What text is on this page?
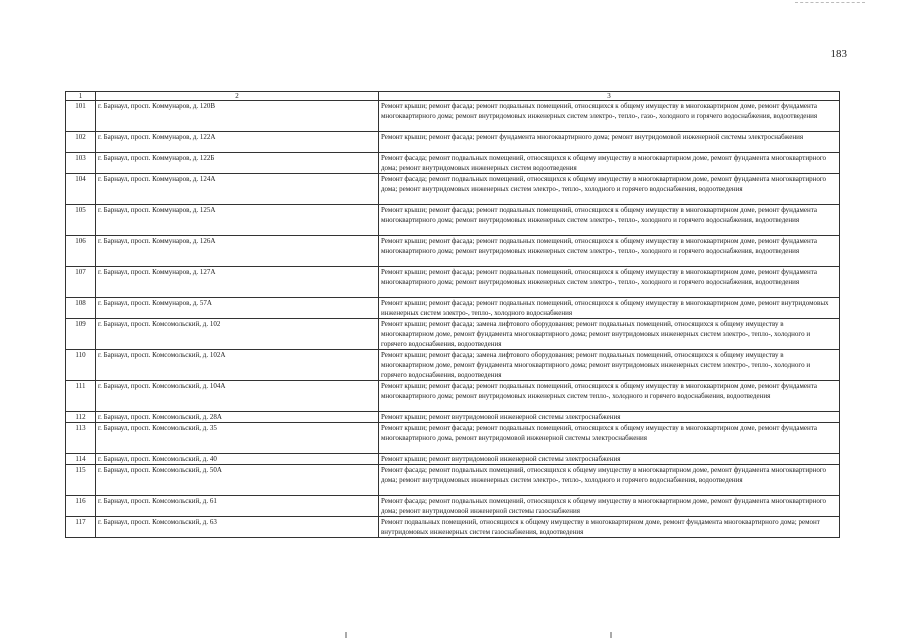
183
1	2	3
101	г. Барнаул, просп. Коммунаров, д. 120В	Ремонт крыши; ремонт фасада; ремонт подвальных помещений, относящихся к общему имуществу в многоквартирном доме, ремонт фундамента многоквартирного дома; ремонт внутридомовых инженерных систем электро-, тепло-, газо-, холодного и горячего водоснабжения, водоотведения
102	г. Барнаул, просп. Коммунаров, д. 122А	Ремонт крыши; ремонт фасада; ремонт фундамента многоквартирного дома; ремонт внутридомовой инженерной системы электроснабжения
103	г. Барнаул, просп. Коммунаров, д. 122Б	Ремонт фасада; ремонт подвальных помещений, относящихся к общему имуществу в многоквартирном доме, ремонт фундамента многоквартирного дома; ремонт внутридомовых инженерных систем водоотведения
104	г. Барнаул, просп. Коммунаров, д. 124А	Ремонт фасада; ремонт подвальных помещений, относящихся к общему имуществу в многоквартирном доме, ремонт фундамента многоквартирного дома; ремонт внутридомовых инженерных систем электро-, тепло-, холодного и горячего водоснабжения, водоотведения
105	г. Барнаул, просп. Коммунаров, д. 125А	Ремонт крыши; ремонт фасада; ремонт подвальных помещений, относящихся к общему имуществу в многоквартирном доме, ремонт фундамента многоквартирного дома; ремонт внутридомовых инженерных систем электро-, тепло-, холодного и горячего водоснабжения, водоотведения
106	г. Барнаул, просп. Коммунаров, д. 126А	Ремонт крыши; ремонт фасада; ремонт подвальных помещений, относящихся к общему имуществу в многоквартирном доме, ремонт фундамента многоквартирного дома; ремонт внутридомовых инженерных систем электро-, тепло-, холодного и горячего водоснабжения, водоотведения
107	г. Барнаул, просп. Коммунаров, д. 127А	Ремонт крыши; ремонт фасада; ремонт подвальных помещений, относящихся к общему имуществу в многоквартирном доме, ремонт фундамента многоквартирного дома; ремонт внутридомовых инженерных систем электро-, тепло-, холодного и горячего водоснабжения, водоотведения
108	г. Барнаул, просп. Коммунаров, д. 57А	Ремонт крыши; ремонт фасада; ремонт подвальных помещений, относящихся к общему имуществу в многоквартирном доме, ремонт внутридомовых инженерных систем электро-, тепло-, холодного водоснабжения
109	г. Барнаул, просп. Комсомольский, д. 102	Ремонт крыши; ремонт фасада; замена лифтового оборудования; ремонт подвальных помещений, относящихся к общему имуществу в многоквартирном доме, ремонт фундамента многоквартирного дома; ремонт внутридомовых инженерных систем электро-, тепло-, холодного и горячего водоснабжения, водоотведения
110	г. Барнаул, просп. Комсомольский, д. 102А	Ремонт крыши; ремонт фасада; замена лифтового оборудования; ремонт подвальных помещений, относящихся к общему имуществу в многоквартирном доме, ремонт фундамента многоквартирного дома; ремонт внутридомовых инженерных систем электро-, тепло-, холодного и горячего водоснабжения, водоотведения
111	г. Барнаул, просп. Комсомольский, д. 104А	Ремонт крыши; ремонт фасада; ремонт подвальных помещений, относящихся к общему имуществу в многоквартирном доме, ремонт фундамента многоквартирного дома; ремонт внутридомовых инженерных систем тепло-, холодного и горячего водоснабжения, водоотведения
112	г. Барнаул, просп. Комсомольский, д. 28А	Ремонт крыши; ремонт внутридомовой инженерной системы электроснабжения
113	г. Барнаул, просп. Комсомольский, д. 35	Ремонт крыши; ремонт фасада; ремонт подвальных помещений, относящихся к общему имуществу в многоквартирном доме, ремонт фундамента многоквартирного дома, ремонт внутридомовой инженерной системы электроснабжения
114	г. Барнаул, просп. Комсомольский, д. 40	Ремонт крыши; ремонт внутридомовой инженерной системы электроснабжения
115	г. Барнаул, просп. Комсомольский, д. 50А	Ремонт фасада; ремонт подвальных помещений, относящихся к общему имуществу в многоквартирном доме, ремонт фундамента многоквартирного дома; ремонт внутридомовых инженерных систем электро-, тепло-, холодного и горячего водоснабжения, водоотведения
116	г. Барнаул, просп. Комсомольский, д. 61	Ремонт фасада; ремонт подвальных помещений, относящихся к общему имуществу в многоквартирном доме, ремонт фундамента многоквартирного дома; ремонт внутридомовой инженерной системы газоснабжения
117	г. Барнаул, просп. Комсомольский, д. 63	Ремонт подвальных помещений, относящихся к общему имуществу в многоквартирном доме, ремонт фундамента многоквартирного дома; ремонт внутридомовых инженерных систем газоснабжения, водоотведения
